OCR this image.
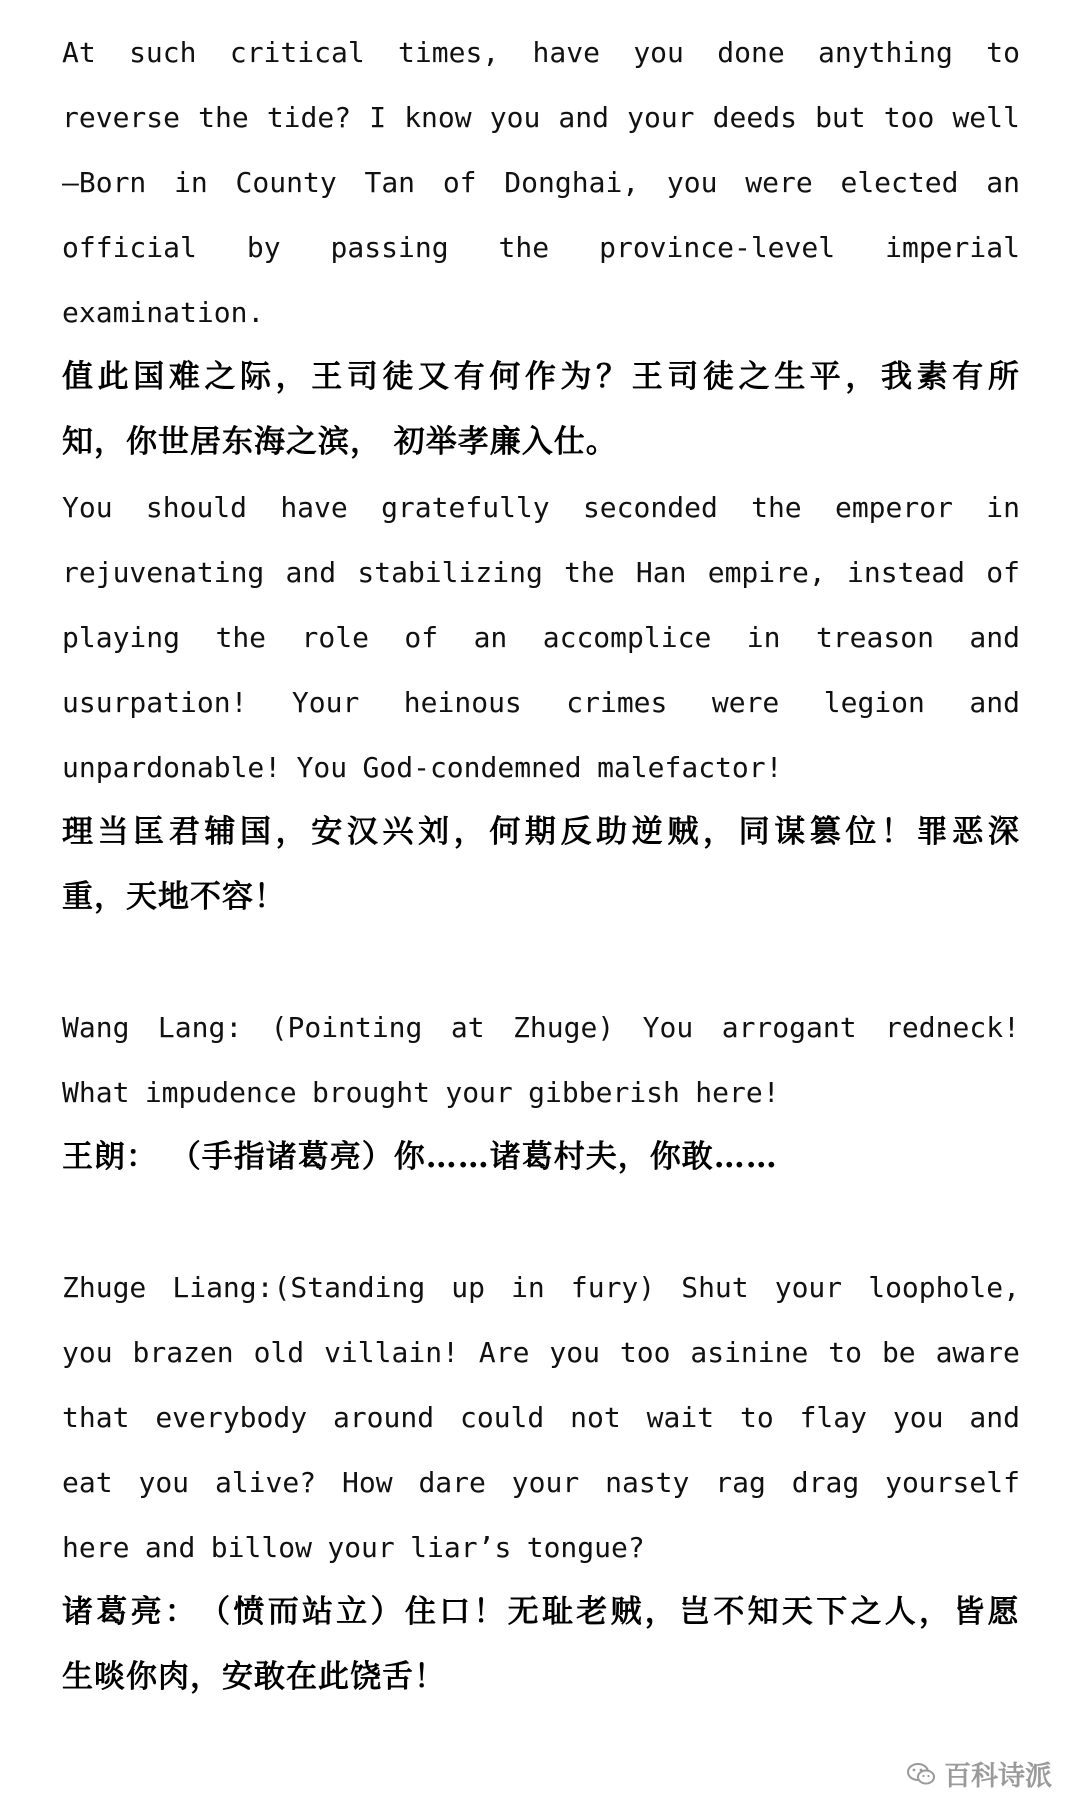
At such critical times, have you done anything to
reverse the tide? I know you and your deeds but too well
—Born in County Tan of Donghai, you were elected an
official by passing the province-level imperial
examination.
值 此 国 难 之 际 ， 王 司 徒 又 有 何 作 为 ？ 王 司 徒 之 生 平 ， 我 素 有 所
知，你世居东海之滨， 初举孝廉入仕。
You should have gratefully seconded the emperor in
rejuvenating and stabilizing the Han empire, instead of
playing the role of an accomplice in treason and
usurpation! Your heinous crimes were legion and
unpardonable! You God-condemned malefactor!
理 当 匡 君 辅 国 ， 安 汉 兴 刘 ， 何 期 反 助 逆 贼 ， 同 谋 篡 位 ！ 罪 恶 深
重，天地不容！
Wang Lang: (Pointing at Zhuge) You arrogant redneck!
What impudence brought your gibberish here!
王朗： （手指诸葛亮）你……诸葛村夫，你敢……
Zhuge Liang:(Standing up in fury) Shut your loophole,
you brazen old villain! Are you too asinine to be aware
that everybody around could not wait to flay you and
eat you alive? How dare your nasty rag drag yourself
here and billow your liar’s tongue?
诸 葛 亮 ： （ 愤 而 站 立 ） 住 口 ！ 无 耻 老 贼 ， 岂 不 知 天 下 之 人 ， 皆 愿
生啖你肉，安敢在此饶舌！
百科诗派
